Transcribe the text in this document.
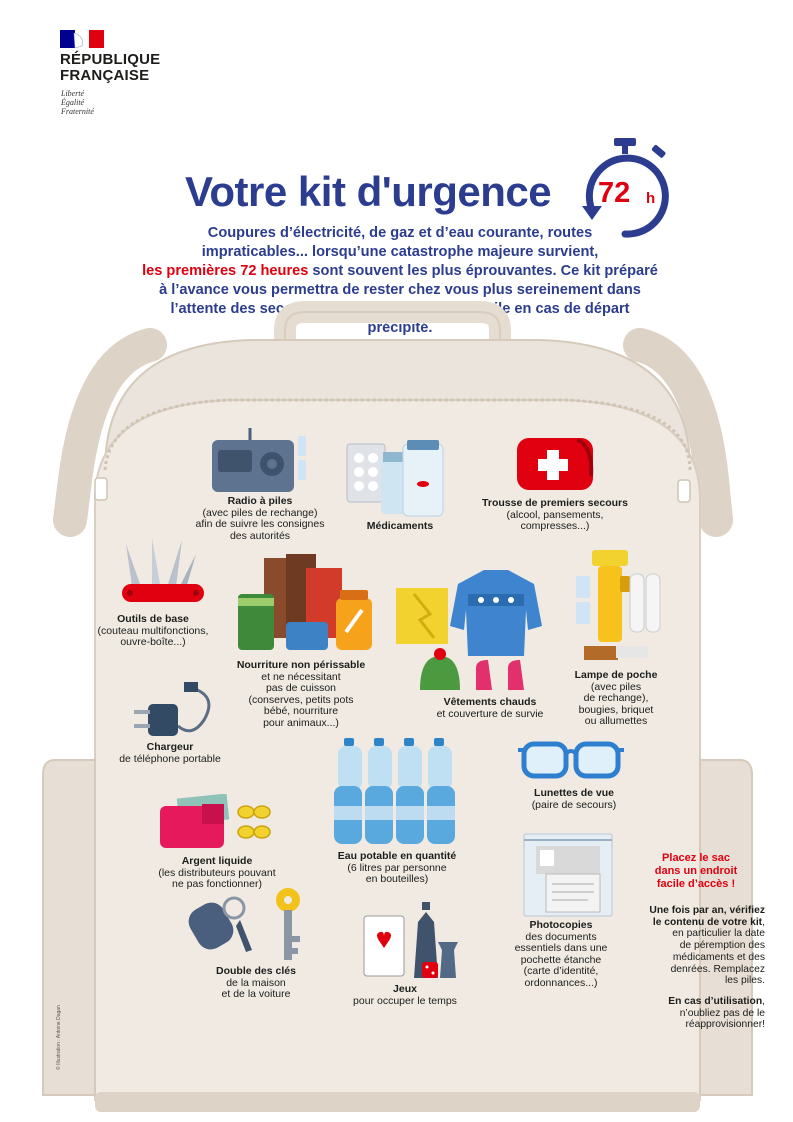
RÉPUBLIQUE
FRANÇAISE
Liberté
Égalité
Fraternité
Votre kit d'urgence 72 h
Coupures d’électricité, de gaz et d’eau courante, routes
impraticables... lorsqu’une catastrophe majeure survient,
les premières 72 heures sont souvent les plus éprouvantes. Ce kit préparé
à l’avance vous permettra de rester chez vous plus sereinement dans
l’attente des secours. Il vous sera aussi très utile en cas de départ précipité.
Radio à piles
(avec piles de rechange)
afin de suivre les consignes
des autorités
Médicaments
Trousse de premiers secours
(alcool, pansements,
compresses...)
Outils de base
(couteau multifonctions,
ouvre-boîte...)
Nourriture non périssable
et ne nécessitant
pas de cuisson
(conserves, petits pots
bébé, nourriture
pour animaux...)
Vêtements chauds
et couverture de survie
Lampe de poche
(avec piles
de rechange),
bougies, briquet
ou allumettes
Chargeur
de téléphone portable
Eau potable en quantité
(6 litres par personne
en bouteilles)
Lunettes de vue
(paire de secours)
Argent liquide
(les distributeurs pouvant
ne pas fonctionner)
Photocopies
des documents
essentiels dans une
pochette étanche
(carte d’identité,
ordonnances...)
Double des clés
de la maison
et de la voiture	Jeux
pour occuper le temps
Placez le sac
dans un endroit
facile d’accès !
Une fois par an, vérifiez
le contenu de votre kit, en particulier la date
de péremption des
médicaments et des
denrées. Remplacez
les piles.
En cas d’utilisation,
n’oubliez pas de le
réapprovisionner!
© Illustration : Antoine Dagan
